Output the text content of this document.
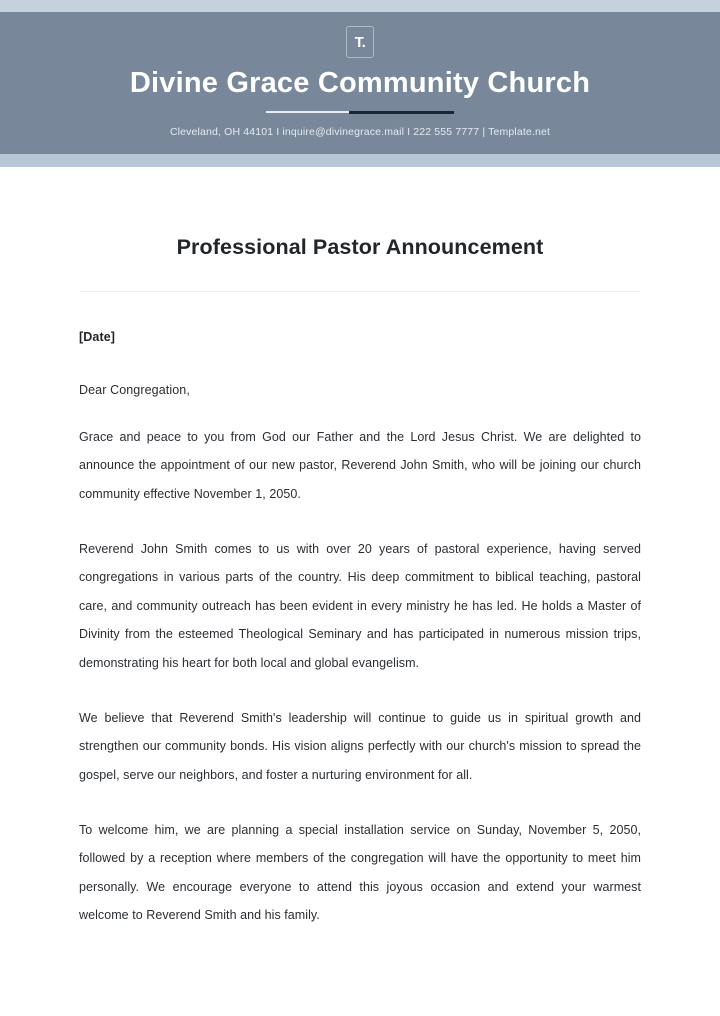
T.
Divine Grace Community Church

Cleveland, OH 44101 I inquire@divinegrace.mail I 222 555 7777 | Template.net

Professional Pastor Announcement

[Date]

Dear Congregation,

Grace and peace to you from God our Father and the Lord Jesus Christ. We are delighted to announce the appointment of our new pastor, Reverend John Smith, who will be joining our church community effective November 1, 2050.

Reverend John Smith comes to us with over 20 years of pastoral experience, having served congregations in various parts of the country. His deep commitment to biblical teaching, pastoral care, and community outreach has been evident in every ministry he has led. He holds a Master of Divinity from the esteemed Theological Seminary and has participated in numerous mission trips, demonstrating his heart for both local and global evangelism.

We believe that Reverend Smith's leadership will continue to guide us in spiritual growth and strengthen our community bonds. His vision aligns perfectly with our church's mission to spread the gospel, serve our neighbors, and foster a nurturing environment for all.

To welcome him, we are planning a special installation service on Sunday, November 5, 2050, followed by a reception where members of the congregation will have the opportunity to meet him personally. We encourage everyone to attend this joyous occasion and extend your warmest welcome to Reverend Smith and his family.
